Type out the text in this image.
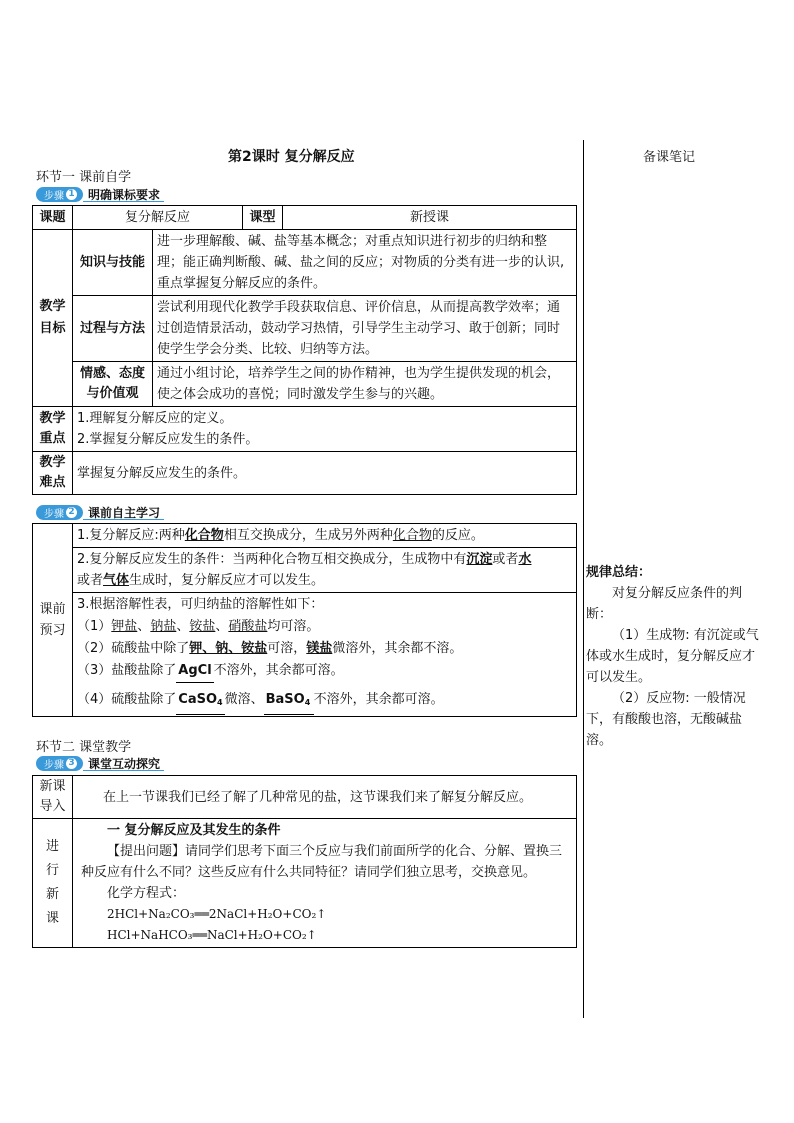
第2课时 复分解反应	备课笔记
环节一 课前自学
步骤 1	明确课标要求
课题	复分解反应		课型	新授课
教学目标	知识与技能	进一步理解酸、碱、盐等基本概念；对重点知识进行初步的归纳和整理；能正确判断酸、碱、盐之间的反应；对物质的分类有进一步的认识,重点掌握复分解反应的条件。		
	过程与方法	尝试利用现代化教学手段获取信息、评价信息，从而提高教学效率；通过创造情景活动，鼓动学习热情，引导学生主动学习、敢于创新；同时使学生学会分类、比较、归纳等方法。		
	情感、态度与价值观	通过小组讨论，培养学生之间的协作精神，也为学生提供发现的机会，使之体会成功的喜悦；同时激发学生参与的兴趣。		
教学重点	1.理解复分解反应的定义。
2.掌握复分解反应发生的条件。			

教学难点	掌握复分解反应发生的条件。			
步骤 2	课前自主学习
课前预习	1.复分解反应:两种化合物相互交换成分，生成另外两种化合物的反应。
2.复分解反应发生的条件：当两种化合物互相交换成分，生成物中有沉淀或者水
或者气体生成时，复分解反应才可以发生。

3.根据溶解性表，可归纳盐的溶解性如下：
（1）钾盐、钠盐、铵盐、硝酸盐均可溶。
（2）硫酸盐中除了钾、钠、铵盐可溶，镁盐微溶外，其余都不溶。
（3）盐酸盐除了 AgCl 不溶外，其余都可溶。
（4）硫酸盐除了 CaSO$_4$ 微溶、 BaSO$_4$ 不溶外，其余都可溶。
环节二 课堂教学
步骤 3	课堂互动探究
新课导入	在上一节课我们已经了解了几种常见的盐，这节课我们来了解复分解反应。
进行新课	一 复分解反应及其发生的条件
【提出问题】请同学们思考下面三个反应与我们前面所学的化合、分解、置换三种反应有什么不同？这些反应有什么共同特征？请同学们独立思考，交换意见。
化学方程式：
2HCl+Na₂CO₃══2NaCl+H₂O+CO₂↑
HCl+NaHCO₃══NaCl+H₂O+CO₂↑
规律总结：
对复分解反应条件的判断：
（1）生成物: 有沉淀或气体或水生成时，复分解反应才可以发生。
（2）反应物: 一般情况下，有酸酸也溶，无酸碱盐溶。
